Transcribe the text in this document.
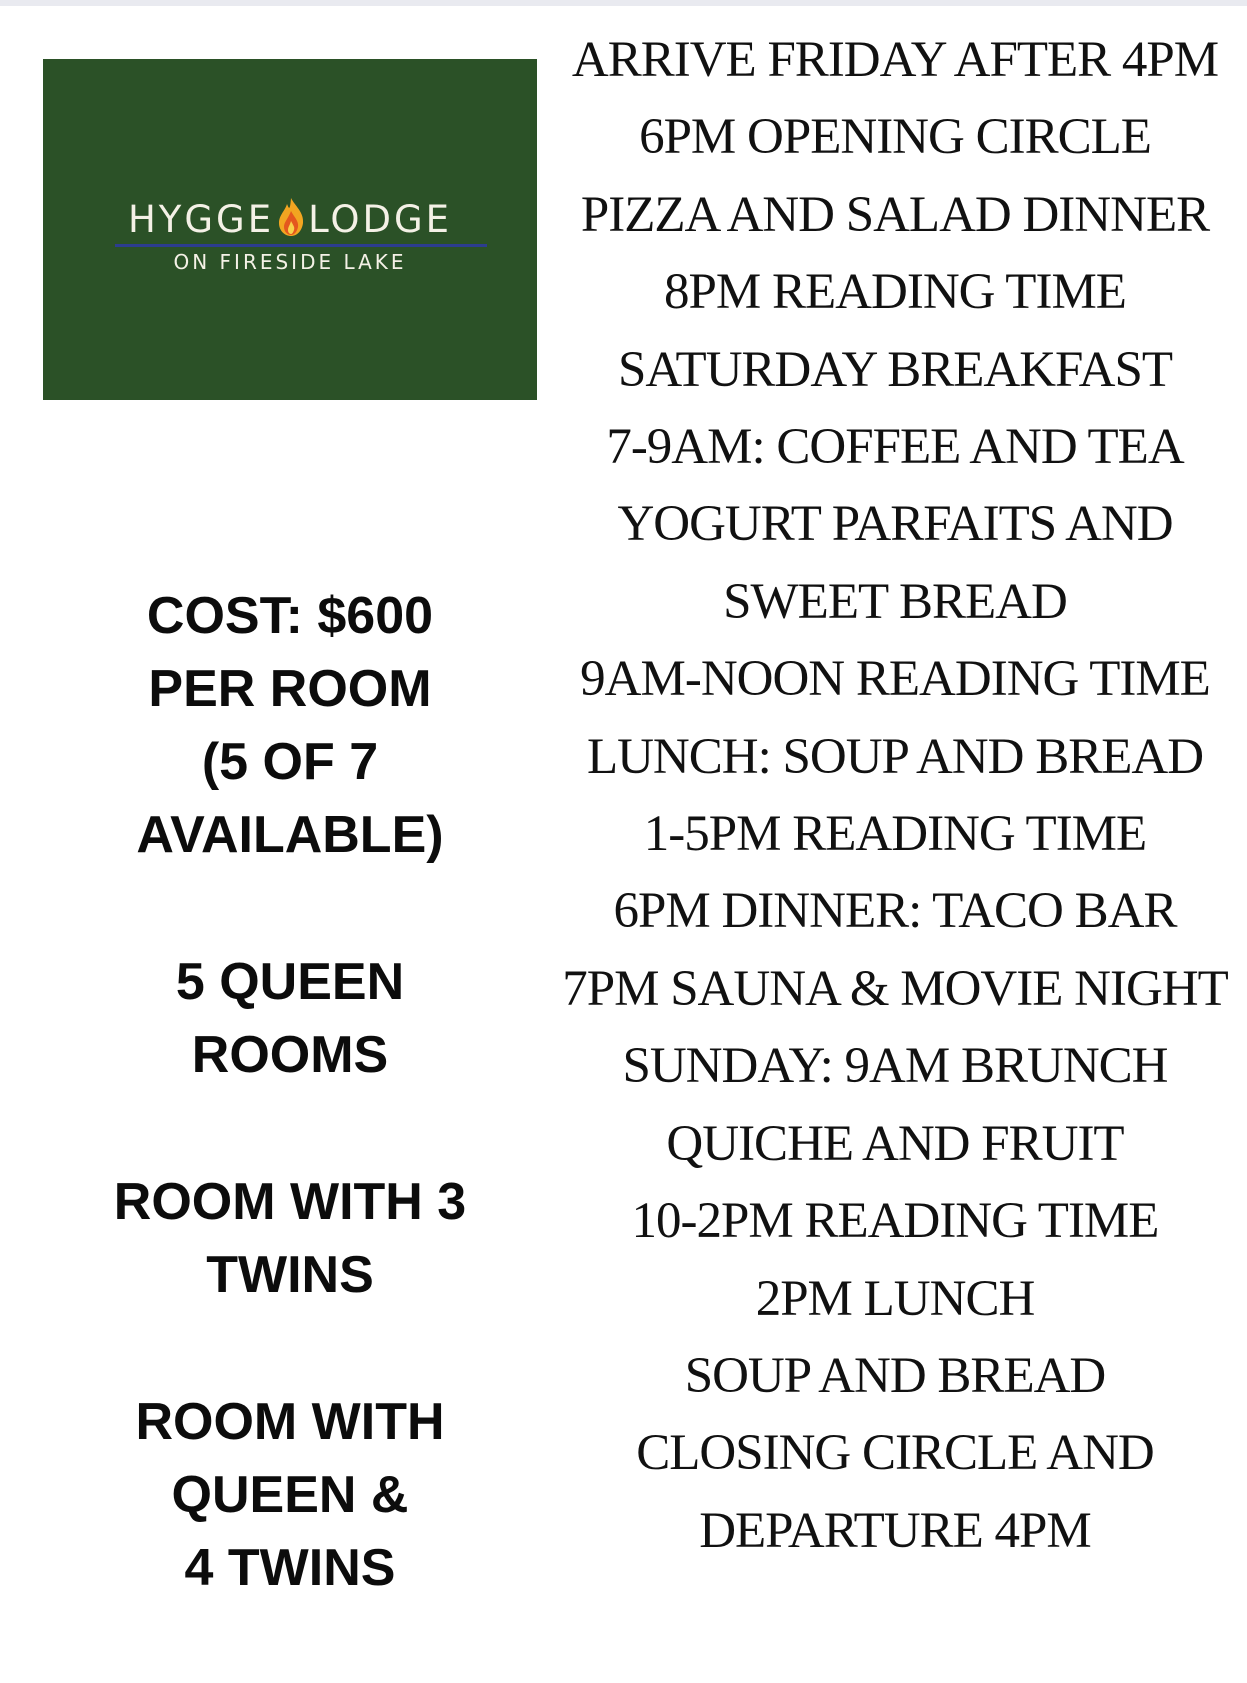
HYGGE LODGE
ON FIRESIDE LAKE
COST: $600
PER ROOM
(5 OF 7
AVAILABLE)
5 QUEEN
ROOMS
ROOM WITH 3
TWINS
ROOM WITH
QUEEN &
4 TWINS
ARRIVE FRIDAY AFTER 4PM
6PM OPENING CIRCLE
PIZZA AND SALAD DINNER
8PM READING TIME
SATURDAY BREAKFAST
7-9AM: COFFEE AND TEA
YOGURT PARFAITS AND
SWEET BREAD
9AM-NOON READING TIME
LUNCH: SOUP AND BREAD
1-5PM READING TIME
6PM DINNER: TACO BAR
7PM SAUNA & MOVIE NIGHT
SUNDAY: 9AM BRUNCH
QUICHE AND FRUIT
10-2PM READING TIME
2PM LUNCH
SOUP AND BREAD
CLOSING CIRCLE AND
DEPARTURE 4PM
